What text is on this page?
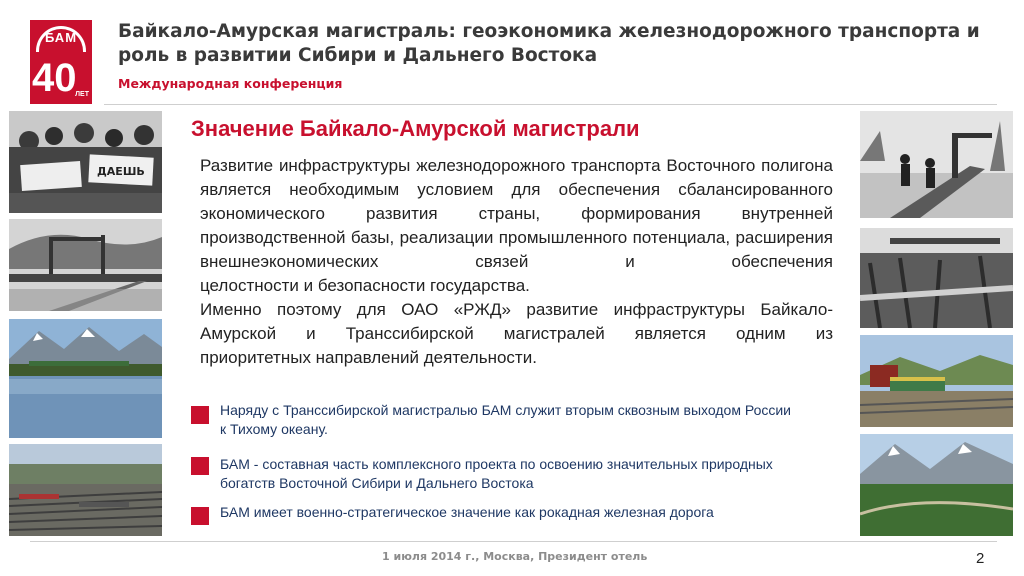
БАМ
40
ЛЕТ
Байкало-Амурская магистраль: геоэкономика железнодорожного транспорта и роль в развитии Сибири и Дальнего Востока
Международная конференция
ДАЕШЬ
Значение Байкало-Амурской магистрали
Развитие инфраструктуры железнодорожного транспорта Восточного полигона является необходимым условием для обеспечения сбалансированного экономического развития страны, формирования внутренней производственной базы, реализации промышленного потенциала, расширения внешнеэкономических связей и обеспечения
целостности и безопасности государства.
Именно поэтому для ОАО «РЖД» развитие инфраструктуры Байкало-Амурской и Транссибирской магистралей является одним из
приоритетных направлений деятельности.
Наряду с Транссибирской магистралью БАМ служит вторым сквозным выходом России к Тихому океану.
БАМ - составная часть комплексного проекта по освоению значительных природных богатств Восточной Сибири и Дальнего Востока
БАМ имеет военно-стратегическое значение как рокадная железная дорога
1 июля 2014 г., Москва, Президент отель	2
